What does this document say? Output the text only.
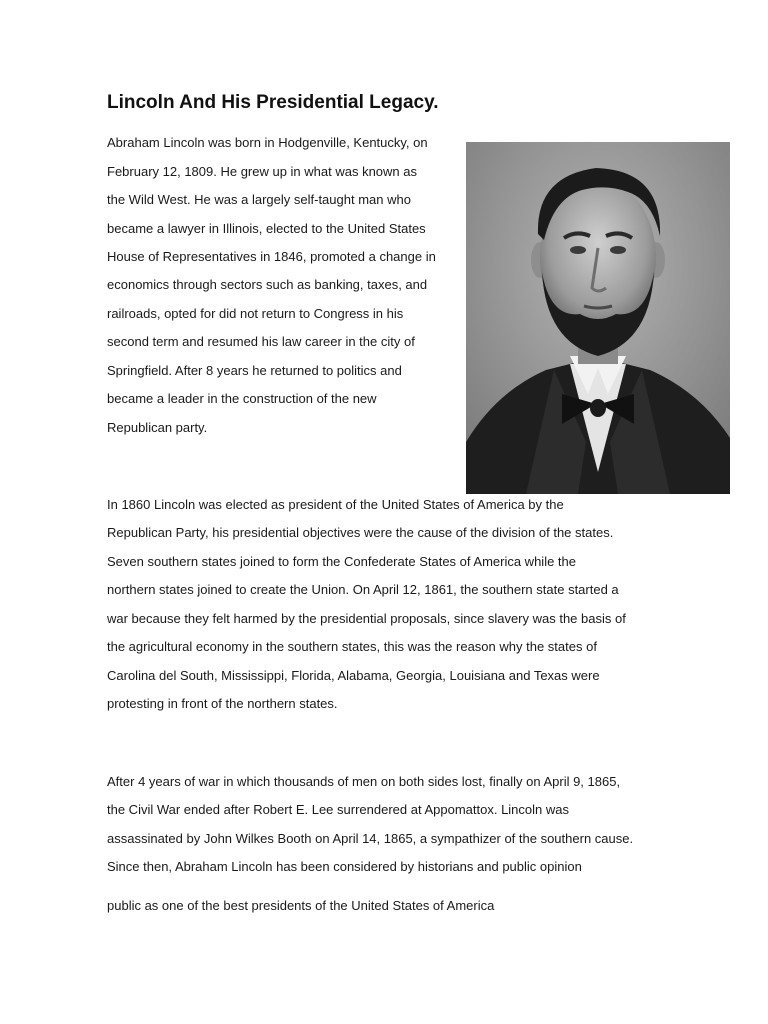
Lincoln And His Presidential Legacy.

Abraham Lincoln was born in Hodgenville, Kentucky, on

February 12, 1809. He grew up in what was known as

the Wild West. He was a largely self-taught man who

became a lawyer in Illinois, elected to the United States

House of Representatives in 1846, promoted a change in

economics through sectors such as banking, taxes, and

railroads, opted for did not return to Congress in his

second term and resumed his law career in the city of

Springfield. After 8 years he returned to politics and

became a leader in the construction of the new

Republican party.

In 1860 Lincoln was elected as president of the United States of America by the

Republican Party, his presidential objectives were the cause of the division of the states.

Seven southern states joined to form the Confederate States of America while the

northern states joined to create the Union. On April 12, 1861, the southern state started a

war because they felt harmed by the presidential proposals, since slavery was the basis of

the agricultural economy in the southern states, this was the reason why the states of

Carolina del South, Mississippi, Florida, Alabama, Georgia, Louisiana and Texas were

protesting in front of the northern states.

After 4 years of war in which thousands of men on both sides lost, finally on April 9, 1865,

the Civil War ended after Robert E. Lee surrendered at Appomattox. Lincoln was

assassinated by John Wilkes Booth on April 14, 1865, a sympathizer of the southern cause.

Since then, Abraham Lincoln has been considered by historians and public opinion

public as one of the best presidents of the United States of America
